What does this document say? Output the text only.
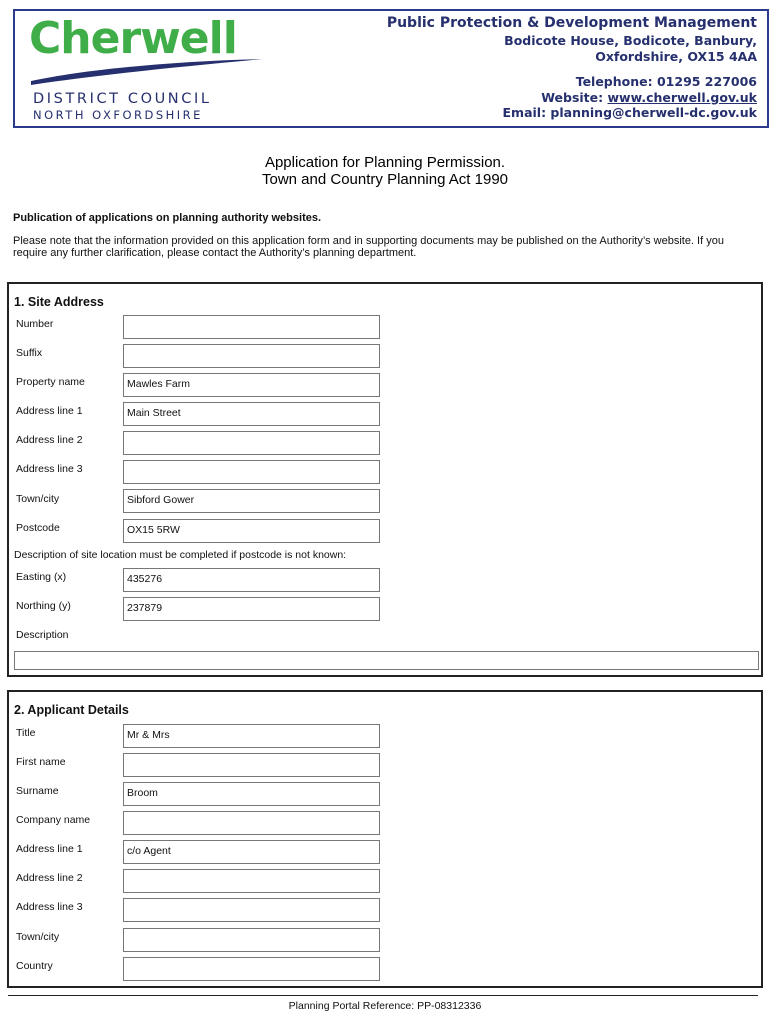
Cherwell
DISTRICT COUNCIL
NORTH OXFORDSHIRE
Public Protection & Development Management
Bodicote House, Bodicote, Banbury,
Oxfordshire, OX15 4AA
Telephone: 01295 227006
Website: www.cherwell.gov.uk
Email: planning@cherwell-dc.gov.uk
Application for Planning Permission.
Town and Country Planning Act 1990
Publication of applications on planning authority websites.
Please note that the information provided on this application form and in supporting documents may be published on the Authority’s website. If you require any further clarification, please contact the Authority’s planning department.
1. Site Address
Number
Suffix
Property name	Mawles Farm
Address line 1	Main Street
Address line 2
Address line 3
Town/city	Sibford Gower
Postcode	OX15 5RW
Description of site location must be completed if postcode is not known:
Easting (x)	435276
Northing (y)	237879
Description
2. Applicant Details
Title	Mr & Mrs
First name
Surname	Broom
Company name
Address line 1	c/o Agent
Address line 2
Address line 3
Town/city
Country
Planning Portal Reference: PP-08312336
